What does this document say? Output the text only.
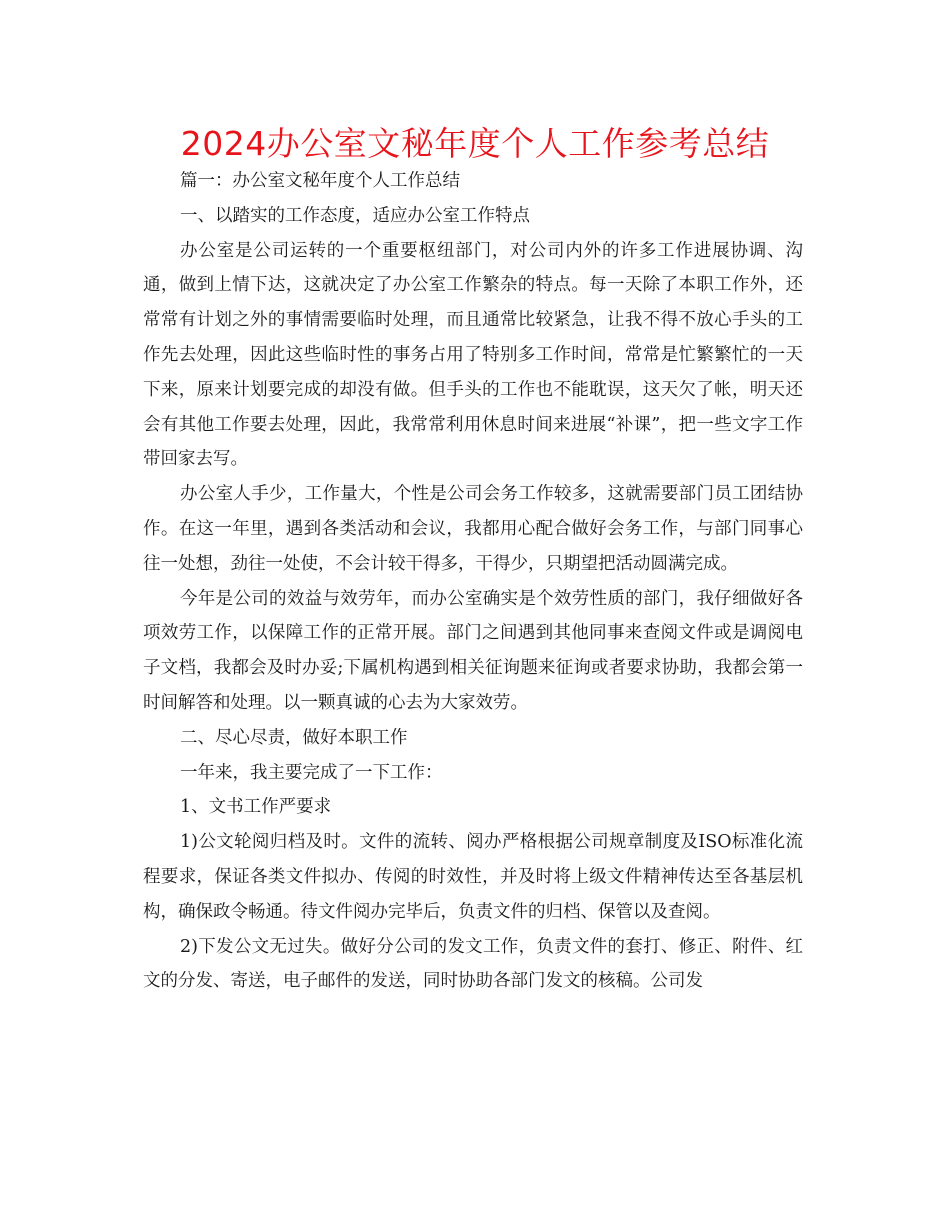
2024办公室文秘年度个人工作参考总结

篇一：办公室文秘年度个人工作总结

一、以踏实的工作态度，适应办公室工作特点

办公室是公司运转的一个重要枢纽部门，对公司内外的许多工作进展协调、沟通，做到上情下达，这就决定了办公室工作繁杂的特点。每一天除了本职工作外，还常常有计划之外的事情需要临时处理，而且通常比较紧急，让我不得不放心手头的工作先去处理，因此这些临时性的事务占用了特别多工作时间，常常是忙繁繁忙的一天下来，原来计划要完成的却没有做。但手头的工作也不能耽误，这天欠了帐，明天还会有其他工作要去处理，因此，我常常利用休息时间来进展“补课”，把一些文字工作带回家去写。

办公室人手少，工作量大，个性是公司会务工作较多，这就需要部门员工团结协作。在这一年里，遇到各类活动和会议，我都用心配合做好会务工作，与部门同事心往一处想，劲往一处使，不会计较干得多，干得少，只期望把活动圆满完成。

今年是公司的效益与效劳年，而办公室确实是个效劳性质的部门，我仔细做好各项效劳工作，以保障工作的正常开展。部门之间遇到其他同事来查阅文件或是调阅电子文档，我都会及时办妥;下属机构遇到相关征询题来征询或者要求协助，我都会第一时间解答和处理。以一颗真诚的心去为大家效劳。

二、尽心尽责，做好本职工作

一年来，我主要完成了一下工作：

1、文书工作严要求

1)公文轮阅归档及时。文件的流转、阅办严格根据公司规章制度及ISO标准化流程要求，保证各类文件拟办、传阅的时效性，并及时将上级文件精神传达至各基层机构，确保政令畅通。待文件阅办完毕后，负责文件的归档、保管以及查阅。

2)下发公文无过失。做好分公司的发文工作，负责文件的套打、修正、附件、红文的分发、寄送，电子邮件的发送，同时协助各部门发文的核稿。公司发
